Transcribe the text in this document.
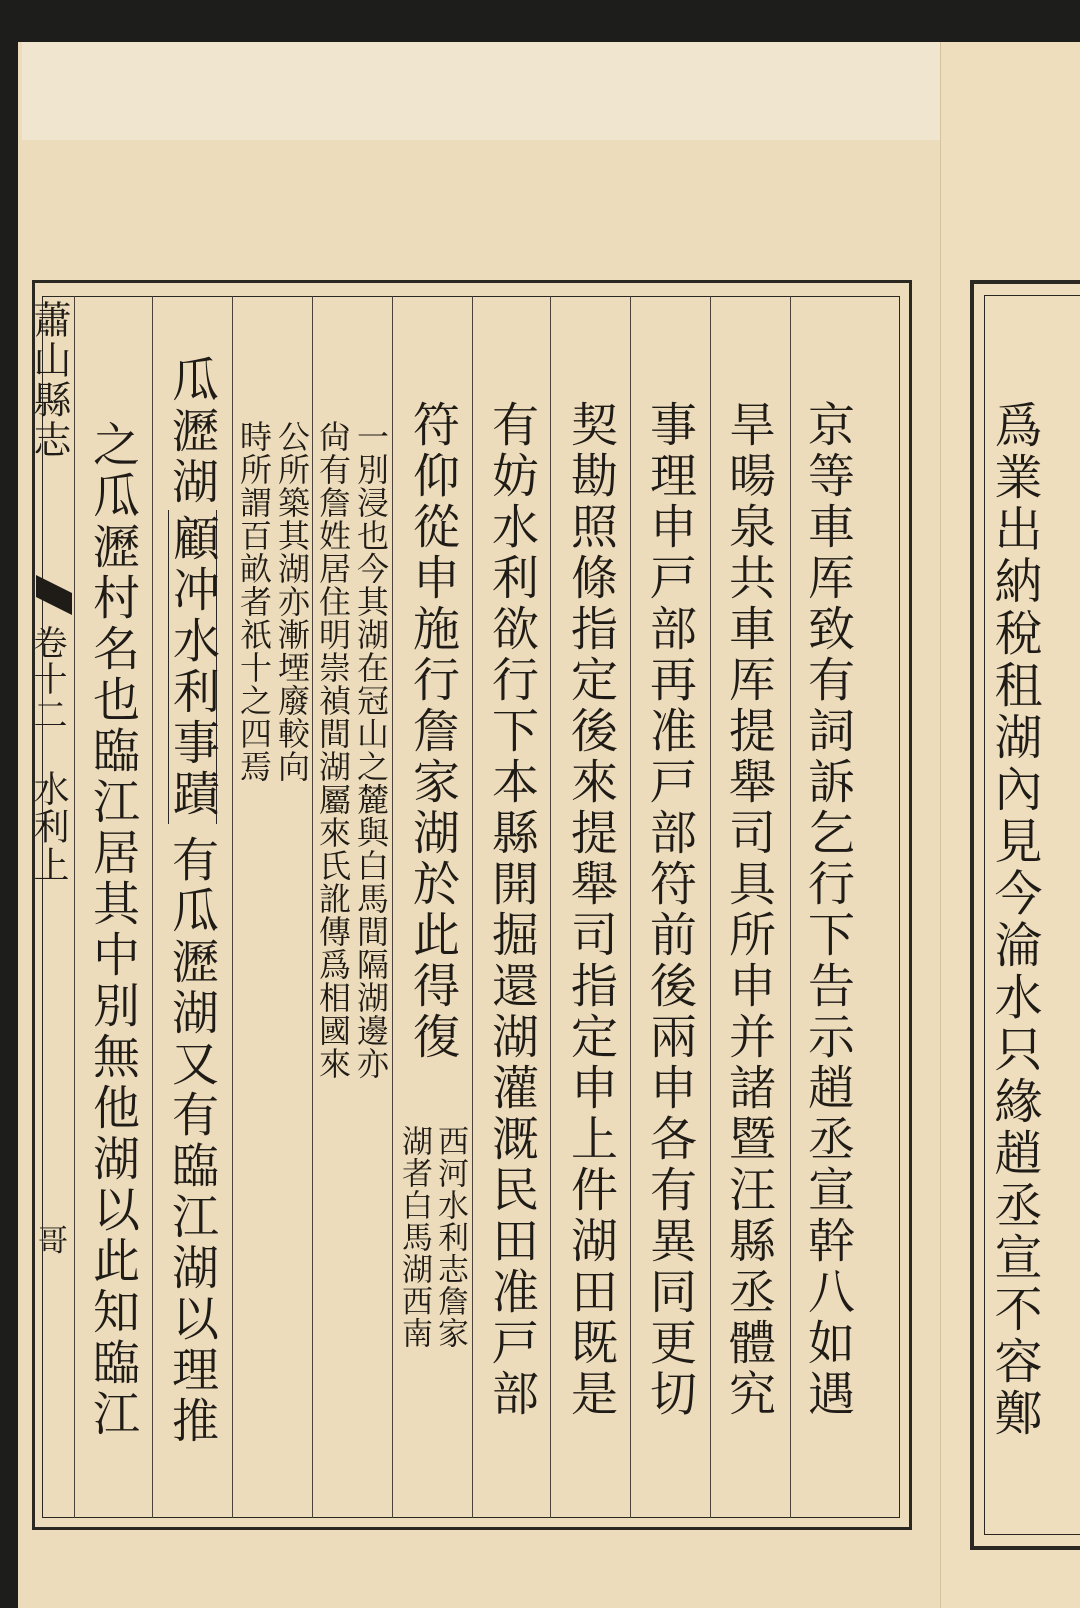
蕭山縣志
卷十二
水利上
哥	京等車厍致有詞訴乞行下告示趙丞宣幹八如遇
旱暘泉共車厍提舉司具所申并諸暨汪縣丞體究
事理申戸部再准戸部符前後兩申各有異同更切
契勘照條指定後來提舉司指定申上件湖田既是
有妨水利欲行下本縣開掘還湖灌溉民田准戸部
符仰從申施行詹家湖於此得復
西河水利志詹家
湖者白馬湖西南
一別浸也今其湖在冠山之麓與白馬間隔湖邊亦
尙有詹姓居住明崇禎間湖屬來氏訛傳爲相國來
公所築其湖亦漸堙廢較向
時所謂百畝者祇十之四焉
瓜瀝湖
顧冲水利事蹟
有瓜瀝湖又有臨江湖以理推
之瓜瀝村名也臨江居其中別無他湖以此知臨江	爲業出納稅租湖內見今淪水只緣趙丞宣不容鄭
